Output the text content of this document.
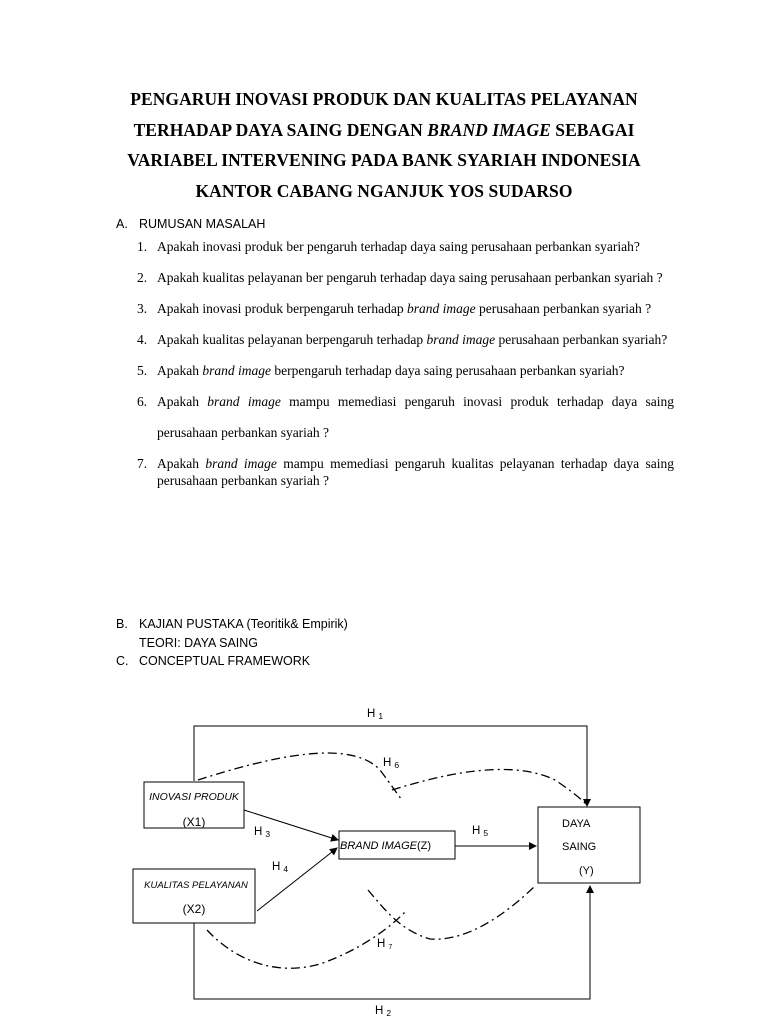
PENGARUH INOVASI PRODUK DAN KUALITAS PELAYANAN
TERHADAP DAYA SAING DENGAN BRAND IMAGE SEBAGAI
VARIABEL INTERVENING PADA BANK SYARIAH INDONESIA
KANTOR CABANG NGANJUK YOS SUDARSO
A. RUMUSAN MASALAH
1. Apakah inovasi produk ber pengaruh terhadap daya saing perusahaan perbankan syariah?
2. Apakah kualitas pelayanan ber pengaruh terhadap daya saing perusahaan perbankan syariah ?
3. Apakah inovasi produk berpengaruh terhadap brand image perusahaan perbankan syariah ?
4. Apakah kualitas pelayanan berpengaruh terhadap brand image perusahaan perbankan syariah?
5. Apakah brand image berpengaruh terhadap daya saing perusahaan perbankan syariah?
6. Apakah brand image mampu memediasi pengaruh inovasi produk terhadap daya saing perusahaan perbankan syariah ?
7. Apakah brand image mampu memediasi pengaruh kualitas pelayanan terhadap daya saing perusahaan perbankan syariah ?
B. KAJIAN PUSTAKA (Teoritik& Empirik)
TEORI: DAYA SAING
C. CONCEPTUAL FRAMEWORK
INOVASI PRODUK
(X1)
KUALITAS PELAYANAN
(X2)
BRAND IMAGE(Z)
DAYA
SAING
(Y)
H 1
H 2
H 3
H 4
H 5
H 6
H 7
